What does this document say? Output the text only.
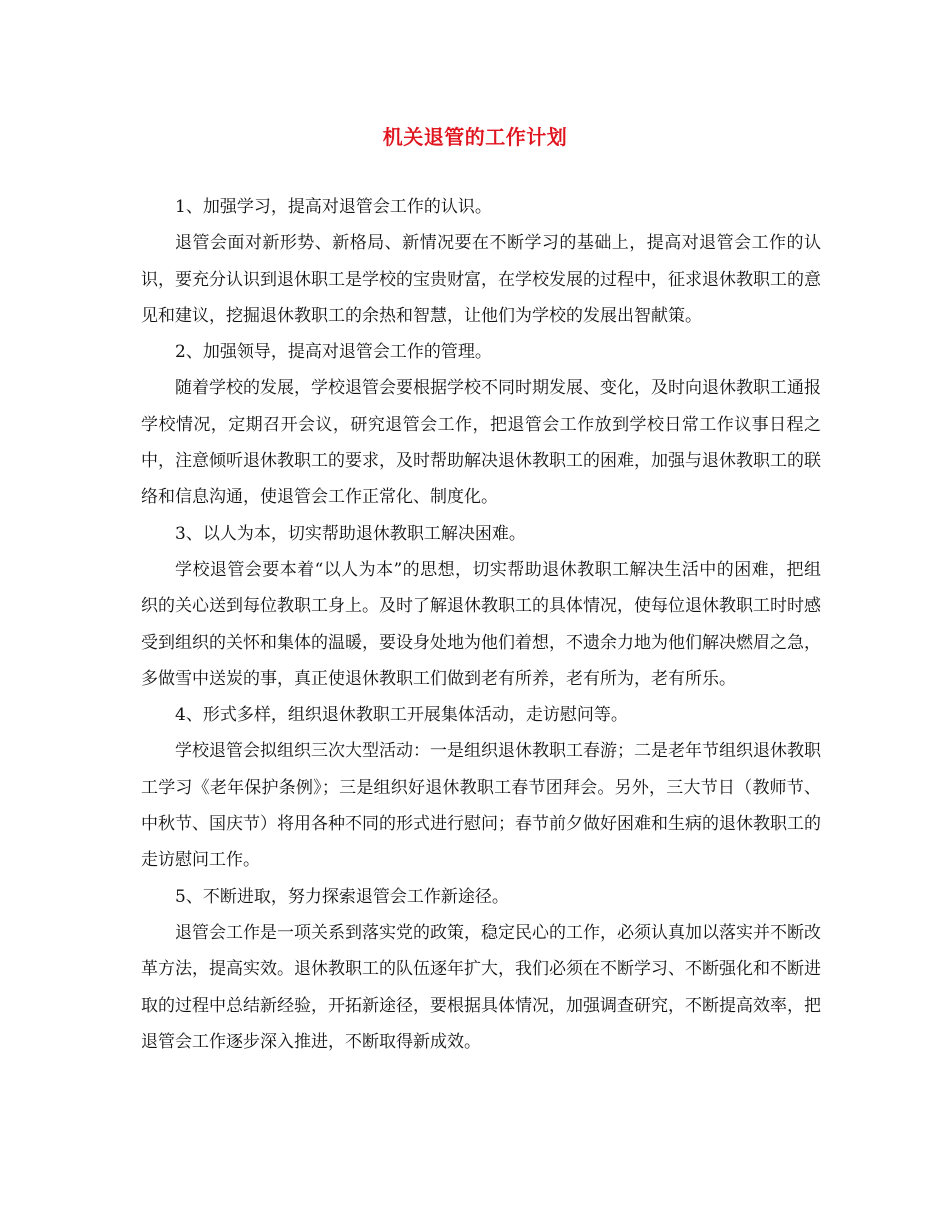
机关退管的工作计划

1、加强学习，提高对退管会工作的认识。

退管会面对新形势、新格局、新情况要在不断学习的基础上，提高对退管会工作的认识，要充分认识到退休职工是学校的宝贵财富，在学校发展的过程中，征求退休教职工的意见和建议，挖掘退休教职工的余热和智慧，让他们为学校的发展出智献策。

2、加强领导，提高对退管会工作的管理。

随着学校的发展，学校退管会要根据学校不同时期发展、变化，及时向退休教职工通报学校情况，定期召开会议，研究退管会工作，把退管会工作放到学校日常工作议事日程之中，注意倾听退休教职工的要求，及时帮助解决退休教职工的困难，加强与退休教职工的联络和信息沟通，使退管会工作正常化、制度化。

3、以人为本，切实帮助退休教职工解决困难。

学校退管会要本着“以人为本”的思想，切实帮助退休教职工解决生活中的困难，把组织的关心送到每位教职工身上。及时了解退休教职工的具体情况，使每位退休教职工时时感受到组织的关怀和集体的温暖，要设身处地为他们着想，不遗余力地为他们解决燃眉之急，多做雪中送炭的事，真正使退休教职工们做到老有所养，老有所为，老有所乐。

4、形式多样，组织退休教职工开展集体活动，走访慰问等。

学校退管会拟组织三次大型活动：一是组织退休教职工春游；二是老年节组织退休教职工学习《老年保护条例》；三是组织好退休教职工春节团拜会。另外，三大节日（教师节、中秋节、国庆节）将用各种不同的形式进行慰问；春节前夕做好困难和生病的退休教职工的走访慰问工作。

5、不断进取，努力探索退管会工作新途径。

退管会工作是一项关系到落实党的政策，稳定民心的工作，必须认真加以落实并不断改革方法，提高实效。退休教职工的队伍逐年扩大，我们必须在不断学习、不断强化和不断进取的过程中总结新经验，开拓新途径，要根据具体情况，加强调查研究，不断提高效率，把退管会工作逐步深入推进，不断取得新成效。
